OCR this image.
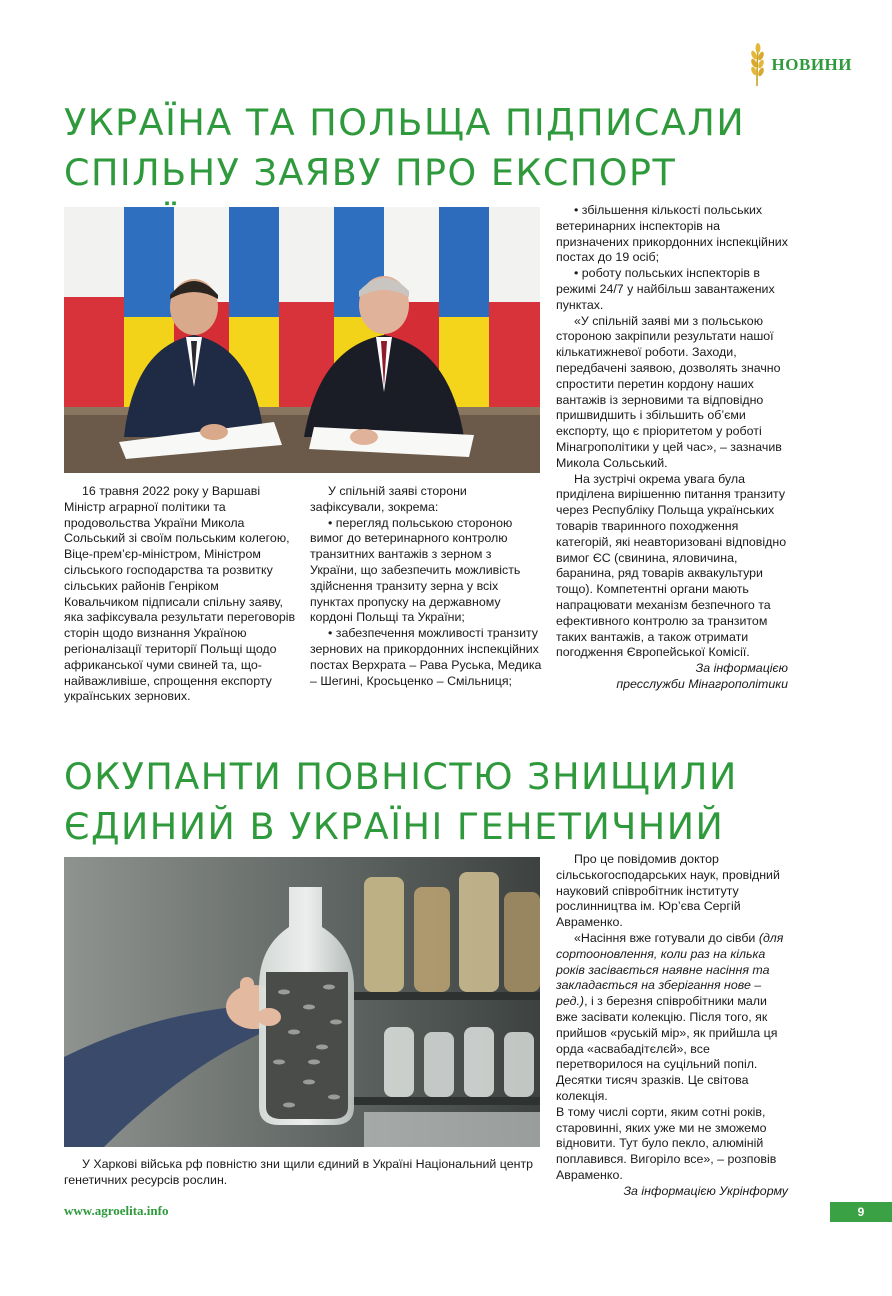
НОВИНИ
УКРАЇНА ТА ПОЛЬЩА ПІДПИСАЛИ СПІЛЬНУ ЗАЯВУ ПРО ЕКСПОРТ

16 травня 2022 року у Варшаві Міністр аграрної політики та продовольства України Микола Сольський зі своїм польським колегою, Віце-прем’єр-міністром, Міністром сільського господарства та розвитку сільських районів Генріком Ковальчиком підписали спільну заяву, яка зафіксувала результати переговорів сторін щодо визнання Україною регіоналізації території Польщі щодо африканської чуми свиней та, що-найважливіше, спрощення експорту українських зернових.

У спільній заяві сторони зафіксували, зокрема:

• перегляд польською стороною вимог до ветеринарного контролю транзитних вантажів з зерном з України, що забезпечить можливість здійснення транзиту зерна у всіх пунктах пропуску на державному кордоні Польщі та України;

• забезпечення можливості транзиту зернових на прикордонних інспекційних постах Верхрата – Рава Руська, Медика – Шегині, Кросьценко – Смільниця;

• збільшення кількості польських ветеринарних інспекторів на призначених прикордонних інспекційних постах до 19 осіб;

• роботу польських інспекторів в режимі 24/7 у найбільш завантажених пунктах.

«У спільній заяві ми з польською стороною закріпили результати нашої кількатижневої роботи. Заходи, передбачені заявою, дозволять значно спростити перетин кордону наших вантажів із зерновими та відповідно пришвидшить і збільшить об’єми експорту, що є пріоритетом у роботі Мінагрополітики у цей час», – зазначив Микола Сольський.

На зустрічі окрема увага була приділена вирішенню питання транзиту через Республіку Польща українських товарів тваринного походження категорій, які неавторизовані відповідно вимог ЄС (свинина, яловичина, баранина, ряд товарів аквакультури тощо). Компетентні органи мають напрацювати механізм безпечного та ефективного контролю за транзитом таких вантажів, а також отримати погодження Європейської Комісії.

За інформацією

пресслужби Мінагрополітики

ОКУПАНТИ ПОВНІСТЮ ЗНИЩИЛИ ЄДИНИЙ В УКРАЇНІ ГЕНЕТИЧНИЙ

У Харкові війська рф повністю зни щили єдиний в Україні Національний центр генетичних ресурсів рослин.

Про це повідомив доктор сільськогосподарських наук, провідний науковий співробітник інституту рослинництва ім. Юр’єва Сергій Авраменко.

«Насіння вже готували до сівби (для сортооновлення, коли раз на кілька років засівається наявне насіння та закладається на зберігання нове – ред.), і з березня співробітники мали вже засівати колекцію. Після того, як прийшов «руській мір», як прийшла ця орда «асвабадітєлєй», все перетворилося на суцільний попіл. Десятки тисяч зразків. Це світова колекція.

В тому числі сорти, яким сотні років, старовинні, яких уже ми не зможемо відновити. Тут було пекло, алюміній поплавився. Вигоріло все», – розповів Авраменко.

За інформацією Укрінформу

www.agroelita.info	9
